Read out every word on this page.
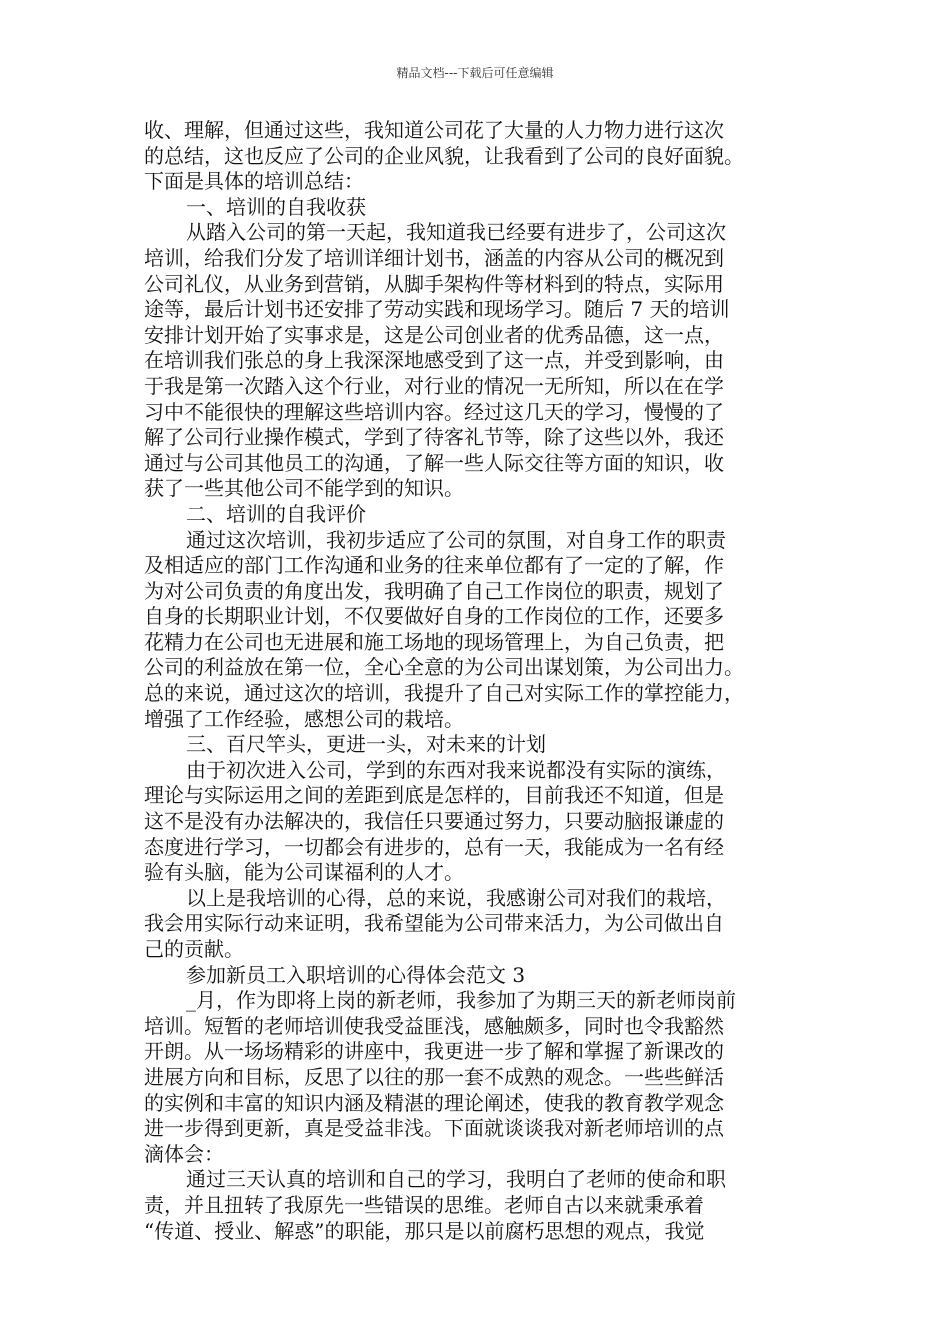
精品文档---下载后可任意编辑
收、理解，但通过这些，我知道公司花了大量的人力物力进行这次
的总结，这也反应了公司的企业风貌，让我看到了公司的良好面貌。
下面是具体的培训总结：
一、培训的自我收获
从踏入公司的第一天起，我知道我已经要有进步了，公司这次
培训，给我们分发了培训详细计划书，涵盖的内容从公司的概况到
公司礼仪，从业务到营销，从脚手架构件等材料到的特点，实际用
途等，最后计划书还安排了劳动实践和现场学习。随后 7 天的培训
安排计划开始了实事求是，这是公司创业者的优秀品德，这一点，
在培训我们张总的身上我深深地感受到了这一点，并受到影响，由
于我是第一次踏入这个行业，对行业的情况一无所知，所以在在学
习中不能很快的理解这些培训内容。经过这几天的学习，慢慢的了
解了公司行业操作模式，学到了待客礼节等，除了这些以外，我还
通过与公司其他员工的沟通，了解一些人际交往等方面的知识，收
获了一些其他公司不能学到的知识。
二、培训的自我评价
通过这次培训，我初步适应了公司的氛围，对自身工作的职责
及相适应的部门工作沟通和业务的往来单位都有了一定的了解，作
为对公司负责的角度出发，我明确了自己工作岗位的职责，规划了
自身的长期职业计划，不仅要做好自身的工作岗位的工作，还要多
花精力在公司也无进展和施工场地的现场管理上，为自己负责，把
公司的利益放在第一位，全心全意的为公司出谋划策，为公司出力。
总的来说，通过这次的培训，我提升了自己对实际工作的掌控能力，
增强了工作经验，感想公司的栽培。
三、百尺竿头，更进一头，对未来的计划
由于初次进入公司，学到的东西对我来说都没有实际的演练，
理论与实际运用之间的差距到底是怎样的，目前我还不知道，但是
这不是没有办法解决的，我信任只要通过努力，只要动脑报谦虚的
态度进行学习，一切都会有进步的，总有一天，我能成为一名有经
验有头脑，能为公司谋福利的人才。
以上是我培训的心得，总的来说，我感谢公司对我们的栽培，
我会用实际行动来证明，我希望能为公司带来活力，为公司做出自
己的贡献。
参加新员工入职培训的心得体会范文 3
_月，作为即将上岗的新老师，我参加了为期三天的新老师岗前
培训。短暂的老师培训使我受益匪浅，感触颇多，同时也令我豁然
开朗。从一场场精彩的讲座中，我更进一步了解和掌握了新课改的
进展方向和目标，反思了以往的那一套不成熟的观念。一些些鲜活
的实例和丰富的知识内涵及精湛的理论阐述，使我的教育教学观念
进一步得到更新，真是受益非浅。下面就谈谈我对新老师培训的点
滴体会：
通过三天认真的培训和自己的学习，我明白了老师的使命和职
责，并且扭转了我原先一些错误的思维。老师自古以来就秉承着
“传道、授业、解惑”的职能，那只是以前腐朽思想的观点，我觉
